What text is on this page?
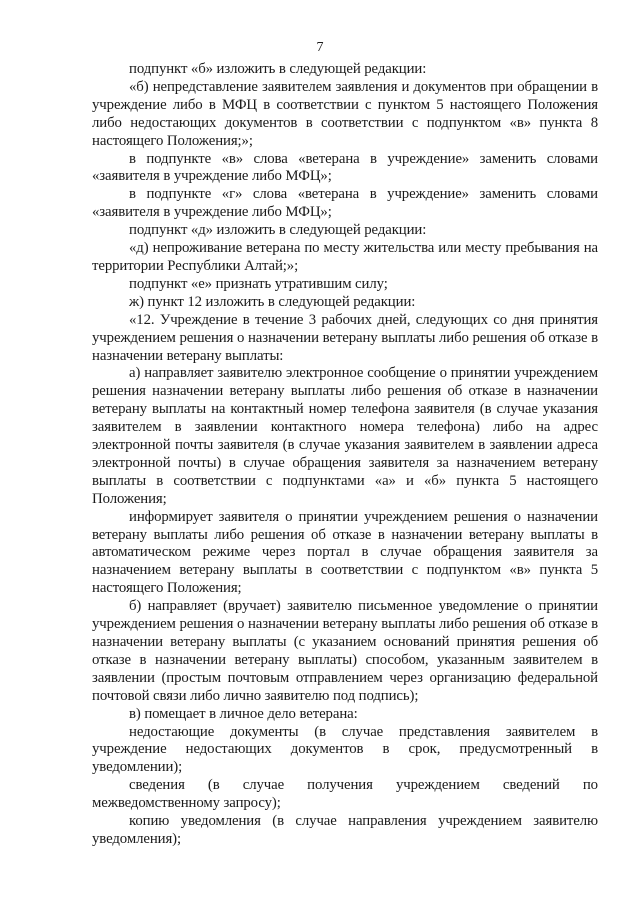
7

подпункт «б» изложить в следующей редакции:

«б) непредставление заявителем заявления и документов при обращении в учреждение либо в МФЦ в соответствии с пунктом 5 настоящего Положения либо недостающих документов в соответствии с подпунктом «в» пункта 8 настоящего Положения;»;

в подпункте «в» слова «ветерана в учреждение» заменить словами «заявителя в учреждение либо МФЦ»;

в подпункте «г» слова «ветерана в учреждение» заменить словами «заявителя в учреждение либо МФЦ»;

подпункт «д» изложить в следующей редакции:

«д) непроживание ветерана по месту жительства или месту пребывания на территории Республики Алтай;»;

подпункт «е» признать утратившим силу;

ж) пункт 12 изложить в следующей редакции:

«12. Учреждение в течение 3 рабочих дней, следующих со дня принятия учреждением решения о назначении ветерану выплаты либо решения об отказе в назначении ветерану выплаты:

а) направляет заявителю электронное сообщение о принятии учреждением решения назначении ветерану выплаты либо решения об отказе в назначении ветерану выплаты на контактный номер телефона заявителя (в случае указания заявителем в заявлении контактного номера телефона) либо на адрес электронной почты заявителя (в случае указания заявителем в заявлении адреса электронной почты) в случае обращения заявителя за назначением ветерану выплаты в соответствии с подпунктами «а» и «б» пункта 5 настоящего Положения;

информирует заявителя о принятии учреждением решения о назначении ветерану выплаты либо решения об отказе в назначении ветерану выплаты в автоматическом режиме через портал в случае обращения заявителя за назначением ветерану выплаты в соответствии с подпунктом «в» пункта 5 настоящего Положения;

б) направляет (вручает) заявителю письменное уведомление о принятии учреждением решения о назначении ветерану выплаты либо решения об отказе в назначении ветерану выплаты (с указанием оснований принятия решения об отказе в назначении ветерану выплаты) способом, указанным заявителем в заявлении (простым почтовым отправлением через организацию федеральной почтовой связи либо лично заявителю под подпись);

в) помещает в личное дело ветерана:

недостающие документы (в случае представления заявителем в учреждение недостающих документов в срок, предусмотренный в уведомлении);

сведения (в случае получения учреждением сведений по межведомственному запросу);

копию уведомления (в случае направления учреждением заявителю уведомления);
